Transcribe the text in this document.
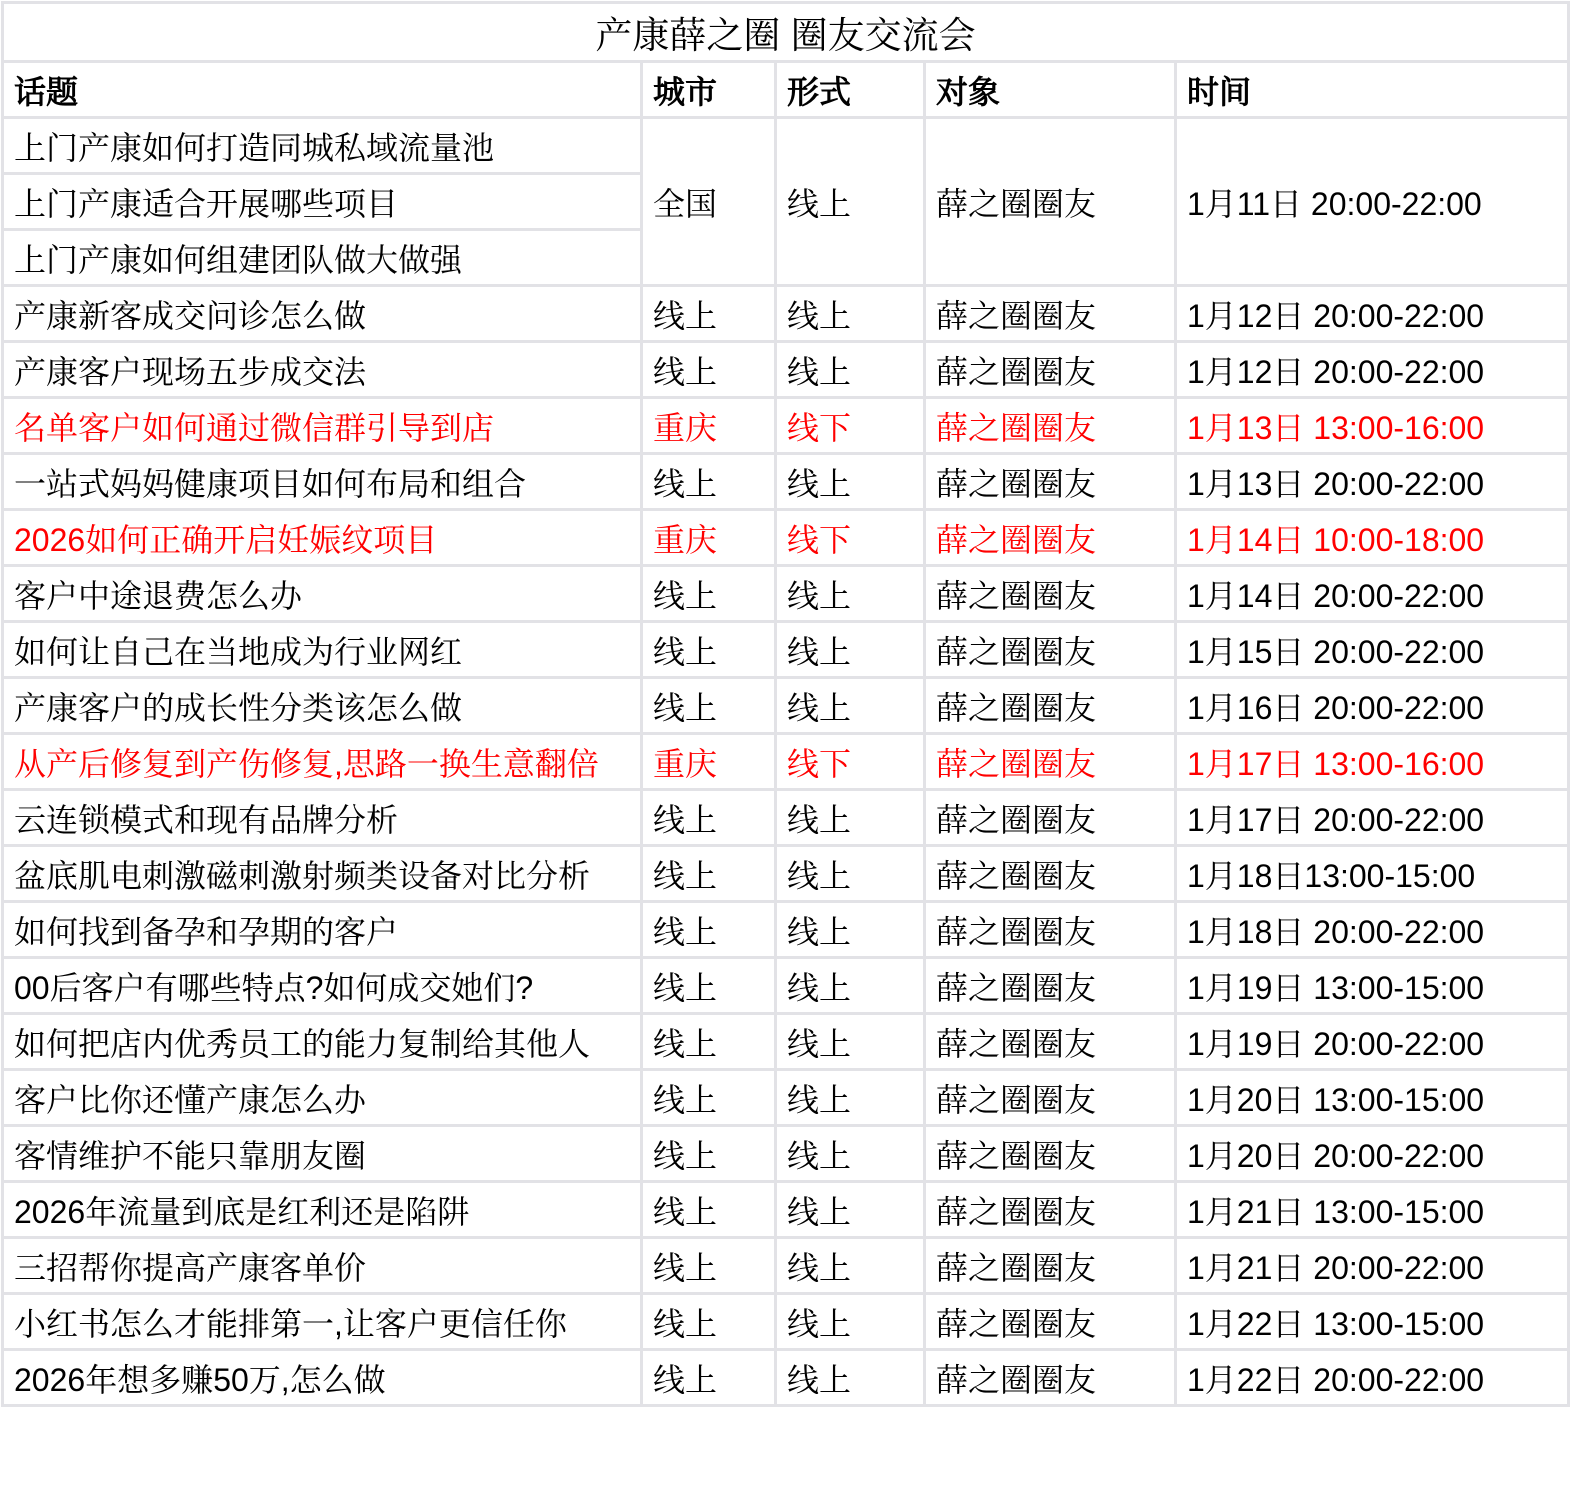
产康薛之圈 圈友交流会				
话题	城市	形式	对象	时间
上门产康如何打造同城私域流量池	全国	线上	薛之圈圈友	1月11日 20:00-22:00
上门产康适合开展哪些项目				
上门产康如何组建团队做大做强				
产康新客成交问诊怎么做	线上	线上	薛之圈圈友	1月12日 20:00-22:00
产康客户现场五步成交法	线上	线上	薛之圈圈友	1月12日 20:00-22:00
名单客户如何通过微信群引导到店	重庆	线下	薛之圈圈友	1月13日 13:00-16:00
一站式妈妈健康项目如何布局和组合	线上	线上	薛之圈圈友	1月13日 20:00-22:00
2026如何正确开启妊娠纹项目	重庆	线下	薛之圈圈友	1月14日 10:00-18:00
客户中途退费怎么办	线上	线上	薛之圈圈友	1月14日 20:00-22:00
如何让自己在当地成为行业网红	线上	线上	薛之圈圈友	1月15日 20:00-22:00
产康客户的成长性分类该怎么做	线上	线上	薛之圈圈友	1月16日 20:00-22:00
从产后修复到产伤修复,思路一换生意翻倍	重庆	线下	薛之圈圈友	1月17日 13:00-16:00
云连锁模式和现有品牌分析	线上	线上	薛之圈圈友	1月17日 20:00-22:00
盆底肌电刺激磁刺激射频类设备对比分析	线上	线上	薛之圈圈友	1月18日13:00-15:00
如何找到备孕和孕期的客户	线上	线上	薛之圈圈友	1月18日 20:00-22:00
00后客户有哪些特点?如何成交她们?	线上	线上	薛之圈圈友	1月19日 13:00-15:00
如何把店内优秀员工的能力复制给其他人	线上	线上	薛之圈圈友	1月19日 20:00-22:00
客户比你还懂产康怎么办	线上	线上	薛之圈圈友	1月20日 13:00-15:00
客情维护不能只靠朋友圈	线上	线上	薛之圈圈友	1月20日 20:00-22:00
2026年流量到底是红利还是陷阱	线上	线上	薛之圈圈友	1月21日 13:00-15:00
三招帮你提高产康客单价	线上	线上	薛之圈圈友	1月21日 20:00-22:00
小红书怎么才能排第一,让客户更信任你	线上	线上	薛之圈圈友	1月22日 13:00-15:00
2026年想多赚50万,怎么做	线上	线上	薛之圈圈友	1月22日 20:00-22:00
